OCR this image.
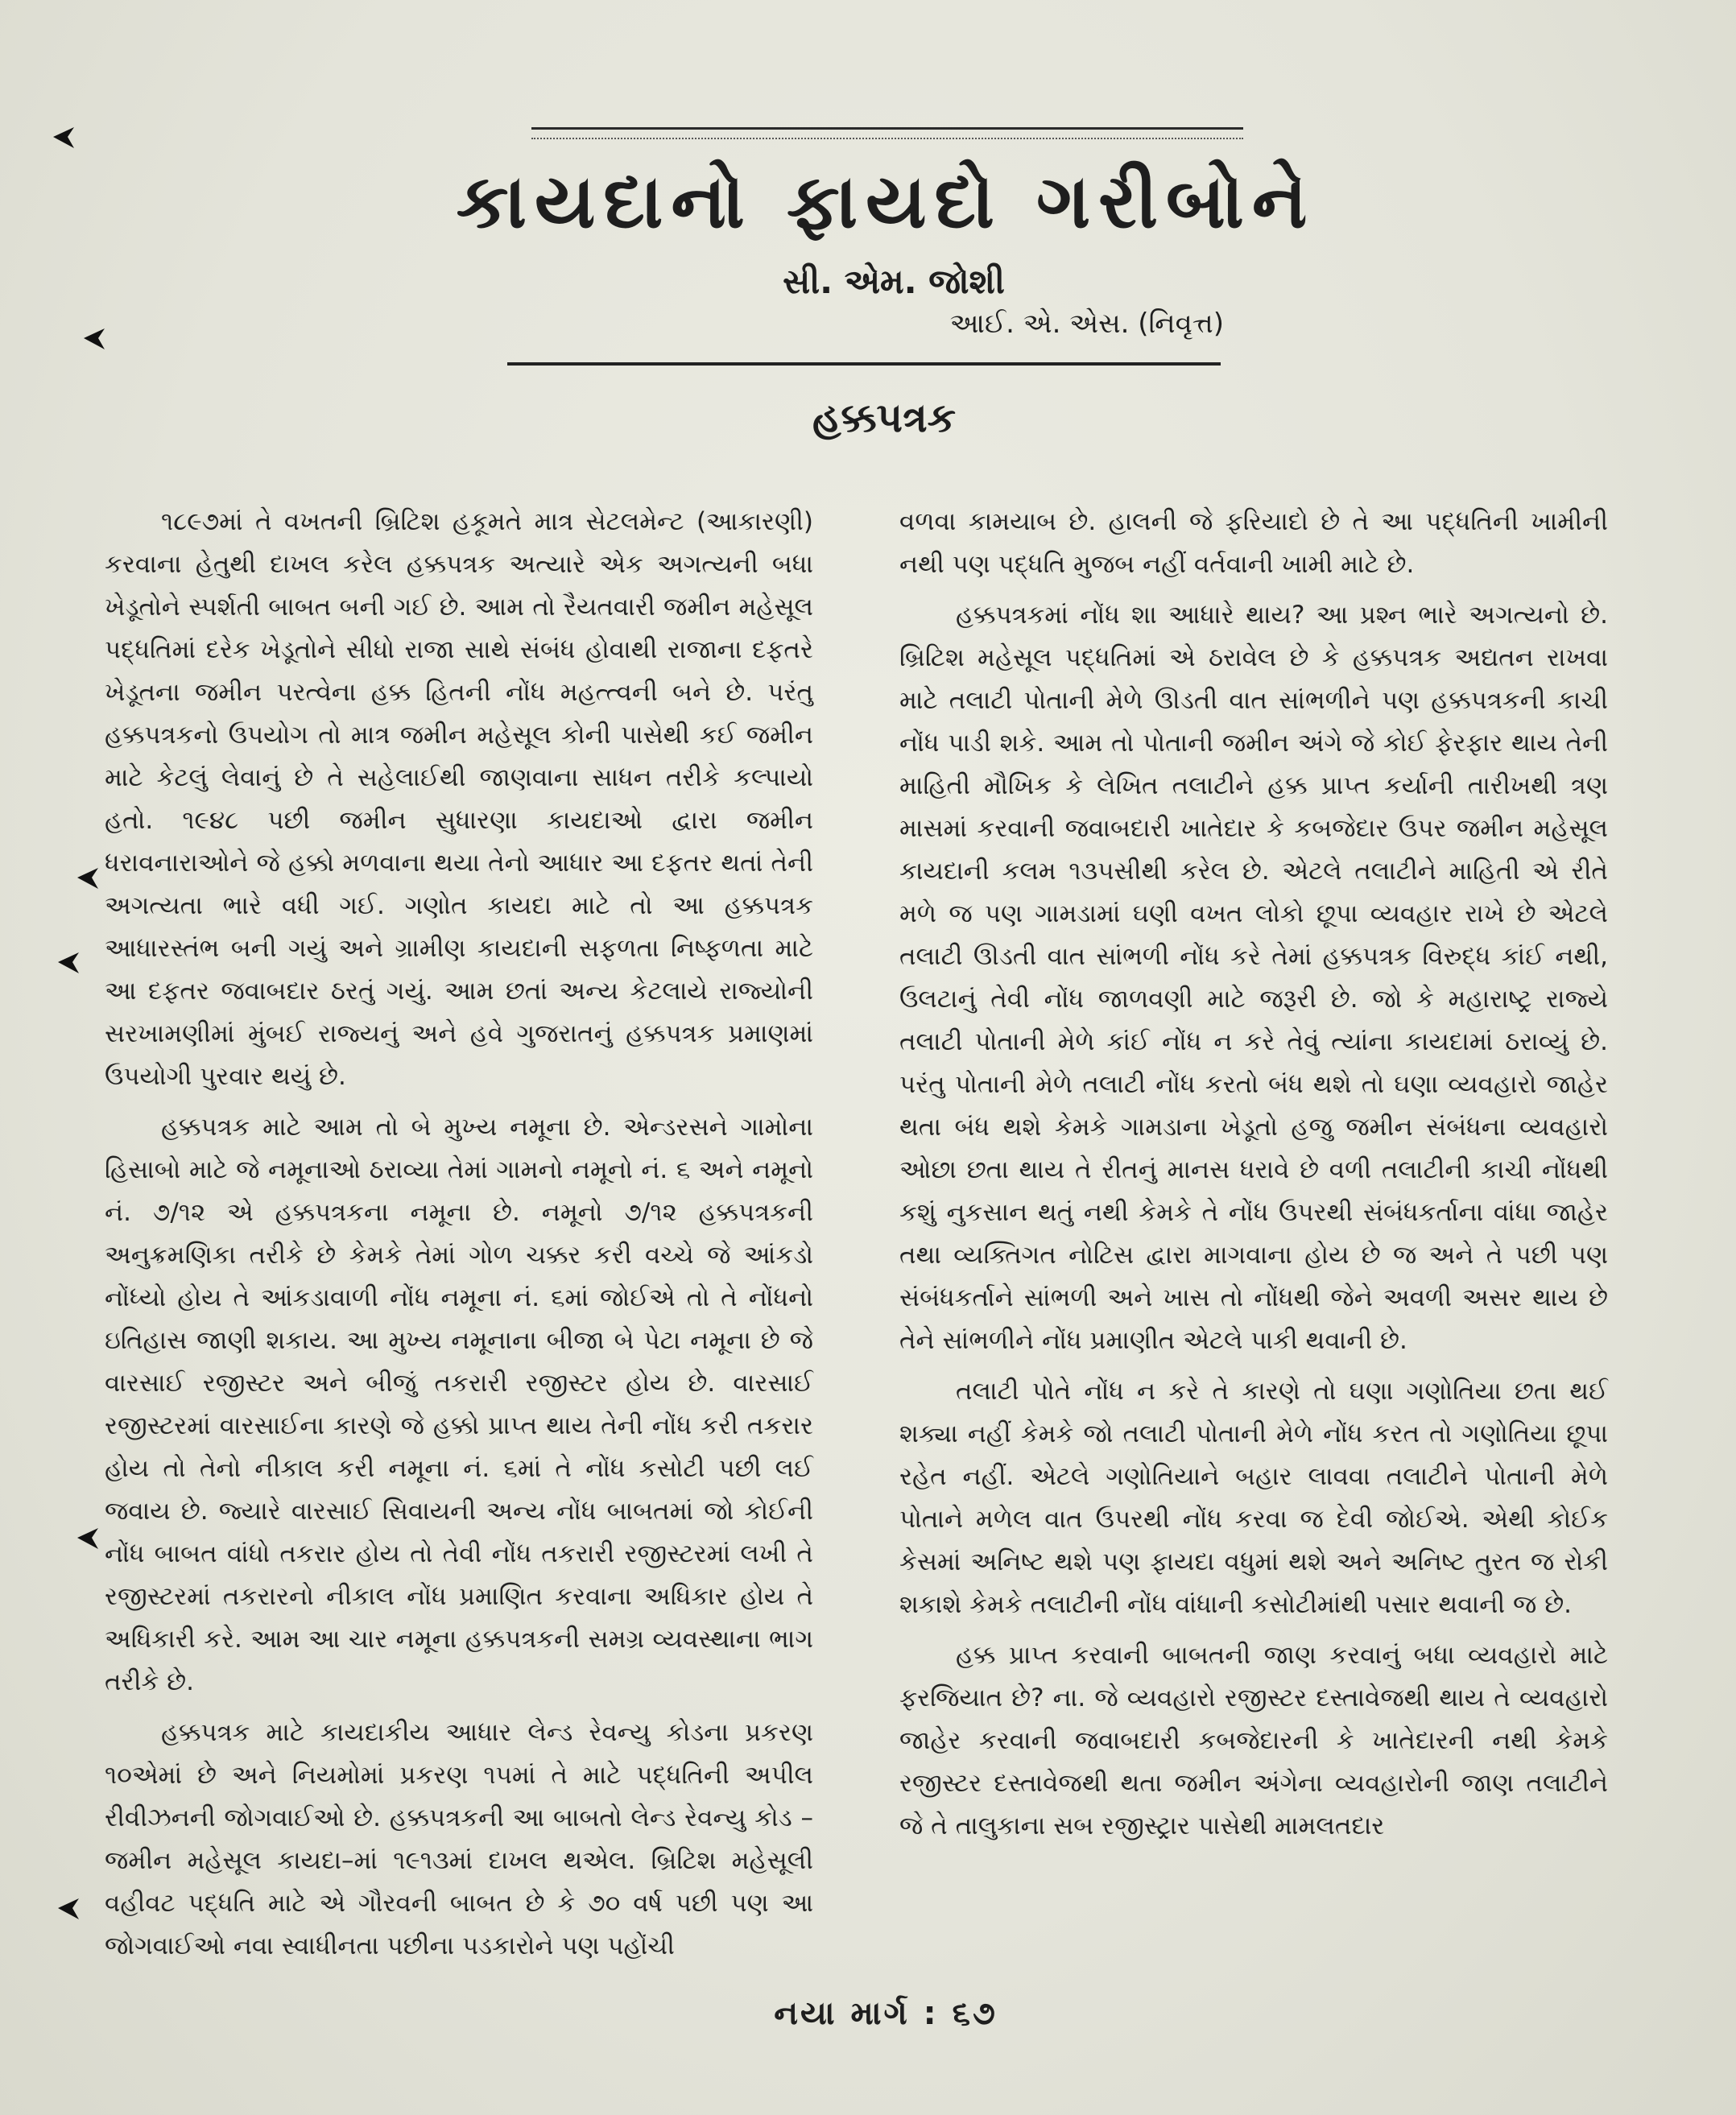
કાયદાનો ફાયદો ગરીબોને
સી. એમ. જોશી
આઈ. એ. એસ. (નિવૃત્ત)
હક્કપત્રક

૧૮૯૭માં તે વખતની બ્રિટિશ હકૂમતે માત્ર સેટલમેન્ટ (આકારણી) કરવાના હેતુથી દાખલ કરેલ હક્કપત્રક અત્યારે એક અગત્યની બધા ખેડૂતોને સ્પર્શતી બાબત બની ગઈ છે. આમ તો રૈયતવારી જમીન મહેસૂલ પદ્ધતિમાં દરેક ખેડૂતોને સીધો રાજા સાથે સંબંધ હોવાથી રાજાના દફતરે ખેડૂતના જમીન પરત્વેના હક્ક હિતની નોંધ મહત્ત્વની બને છે. પરંતુ હક્કપત્રકનો ઉપયોગ તો માત્ર જમીન મહેસૂલ કોની પાસેથી કઈ જમીન માટે કેટલું લેવાનું છે તે સહેલાઈથી જાણવાના સાધન તરીકે કલ્પાયો હતો. ૧૯૪૮ પછી જમીન સુધારણા કાયદાઓ દ્વારા જમીન ધરાવનારાઓને જે હક્કો મળવાના થયા તેનો આધાર આ દફતર થતાં તેની અગત્યતા ભારે વધી ગઈ. ગણોત કાયદા માટે તો આ હક્કપત્રક આધારસ્તંભ બની ગયું અને ગ્રામીણ કાયદાની સફળતા નિષ્ફળતા માટે આ દફતર જવાબદાર ઠરતું ગયું. આમ છતાં અન્ય કેટલાયે રાજ્યોની સરખામણીમાં મુંબઈ રાજ્યનું અને હવે ગુજરાતનું હક્કપત્રક પ્રમાણમાં ઉપયોગી પુરવાર થયું છે.

હક્કપત્રક માટે આમ તો બે મુખ્ય નમૂના છે. એન્ડરસને ગામોના હિસાબો માટે જે નમૂનાઓ ઠરાવ્યા તેમાં ગામનો નમૂનો નં. ૬ અને નમૂનો નં. ૭/૧૨ એ હક્કપત્રકના નમૂના છે. નમૂનો ૭/૧૨ હક્કપત્રકની અનુક્રમણિકા તરીકે છે કેમકે તેમાં ગોળ ચક્કર કરી વચ્ચે જે આંકડો નોંધ્યો હોય તે આંકડાવાળી નોંધ નમૂના નં. ૬માં જોઈએ તો તે નોંધનો ઇતિહાસ જાણી શકાય. આ મુખ્ય નમૂનાના બીજા બે પેટા નમૂના છે જે વારસાઈ રજીસ્ટર અને બીજું તકરારી રજીસ્ટર હોય છે. વારસાઈ રજીસ્ટરમાં વારસાઈના કારણે જે હક્કો પ્રાપ્ત થાય તેની નોંધ કરી તકરાર હોય તો તેનો નીકાલ કરી નમૂના નં. ૬માં તે નોંધ કસોટી પછી લઈ જવાય છે. જ્યારે વારસાઈ સિવાયની અન્ય નોંધ બાબતમાં જો કોઈની નોંધ બાબત વાંધો તકરાર હોય તો તેવી નોંધ તકરારી રજીસ્ટરમાં લખી તે રજીસ્ટરમાં તકરારનો નીકાલ નોંધ પ્રમાણિત કરવાના અધિકાર હોય તે અધિકારી કરે. આમ આ ચાર નમૂના હક્કપત્રકની સમગ્ર વ્યવસ્થાના ભાગ તરીકે છે.

હક્કપત્રક માટે કાયદાકીય આધાર લેન્ડ રેવન્યુ કોડના પ્રકરણ ૧૦એમાં છે અને નિયમોમાં પ્રકરણ ૧૫માં તે માટે પદ્ધતિની અપીલ રીવીઝનની જોગવાઈઓ છે. હક્કપત્રકની આ બાબતો લેન્ડ રેવન્યુ કોડ –જમીન મહેસૂલ કાયદા–માં ૧૯૧૩માં દાખલ થએલ. બ્રિટિશ મહેસૂલી વહીવટ પદ્ધતિ માટે એ ગૌરવની બાબત છે કે ૭૦ વર્ષ પછી પણ આ જોગવાઈઓ નવા સ્વાધીનતા પછીના પડકારોને પણ પહોંચી

વળવા કામયાબ છે. હાલની જે ફરિયાદો છે તે આ પદ્ધતિની ખામીની નથી પણ પદ્ધતિ મુજબ નહીં વર્તવાની ખામી માટે છે.

હક્કપત્રકમાં નોંધ શા આધારે થાય? આ પ્રશ્ન ભારે અગત્યનો છે. બ્રિટિશ મહેસૂલ પદ્ધતિમાં એ ઠરાવેલ છે કે હક્કપત્રક અદ્યતન રાખવા માટે તલાટી પોતાની મેળે ઊડતી વાત સાંભળીને પણ હક્કપત્રકની કાચી નોંધ પાડી શકે. આમ તો પોતાની જમીન અંગે જે કોઈ ફેરફાર થાય તેની માહિતી મૌખિક કે લેખિત તલાટીને હક્ક પ્રાપ્ત કર્યાની તારીખથી ત્રણ માસમાં કરવાની જવાબદારી ખાતેદાર કે કબજેદાર ઉપર જમીન મહેસૂલ કાયદાની કલમ ૧૩૫સીથી કરેલ છે. એટલે તલાટીને માહિતી એ રીતે મળે જ પણ ગામડામાં ઘણી વખત લોકો છૂપા વ્યવહાર રાખે છે એટલે તલાટી ઊડતી વાત સાંભળી નોંધ કરે તેમાં હક્કપત્રક વિરુદ્ધ કાંઈ નથી, ઉલટાનું તેવી નોંધ જાળવણી માટે જરૂરી છે. જો કે મહારાષ્ટ્ર રાજ્યે તલાટી પોતાની મેળે કાંઈ નોંધ ન કરે તેવું ત્યાંના કાયદામાં ઠરાવ્યું છે. પરંતુ પોતાની મેળે તલાટી નોંધ કરતો બંધ થશે તો ઘણા વ્યવહારો જાહેર થતા બંધ થશે કેમકે ગામડાના ખેડૂતો હજુ જમીન સંબંધના વ્યવહારો ઓછા છતા થાય તે રીતનું માનસ ધરાવે છે વળી તલાટીની કાચી નોંધથી કશું નુકસાન થતું નથી કેમકે તે નોંધ ઉપરથી સંબંધકર્તાના વાંધા જાહેર તથા વ્યક્તિગત નોટિસ દ્વારા માગવાના હોય છે જ અને તે પછી પણ સંબંધકર્તાને સાંભળી અને ખાસ તો નોંધથી જેને અવળી અસર થાય છે તેને સાંભળીને નોંધ પ્રમાણીત એટલે પાકી થવાની છે.

તલાટી પોતે નોંધ ન કરે તે કારણે તો ઘણા ગણોતિયા છતા થઈ શક્યા નહીં કેમકે જો તલાટી પોતાની મેળે નોંધ કરત તો ગણોતિયા છૂપા રહેત નહીં. એટલે ગણોતિયાને બહાર લાવવા તલાટીને પોતાની મેળે પોતાને મળેલ વાત ઉપરથી નોંધ કરવા જ દેવી જોઈએ. એથી કોઈક કેસમાં અનિષ્ટ થશે પણ ફાયદા વધુમાં થશે અને અનિષ્ટ તુરત જ રોકી શકાશે કેમકે તલાટીની નોંધ વાંધાની કસોટીમાંથી પસાર થવાની જ છે.

હક્ક પ્રાપ્ત કરવાની બાબતની જાણ કરવાનું બધા વ્યવહારો માટે ફરજિયાત છે? ના. જે વ્યવહારો રજીસ્ટર દસ્તાવેજથી થાય તે વ્યવહારો જાહેર કરવાની જવાબદારી કબજેદારની કે ખાતેદારની નથી કેમકે રજીસ્ટર દસ્તાવેજથી થતા જમીન અંગેના વ્યવહારોની જાણ તલાટીને જે તે તાલુકાના સબ રજીસ્ટ્રાર પાસેથી મામલતદાર

નયા માર્ગ : ૬૭
